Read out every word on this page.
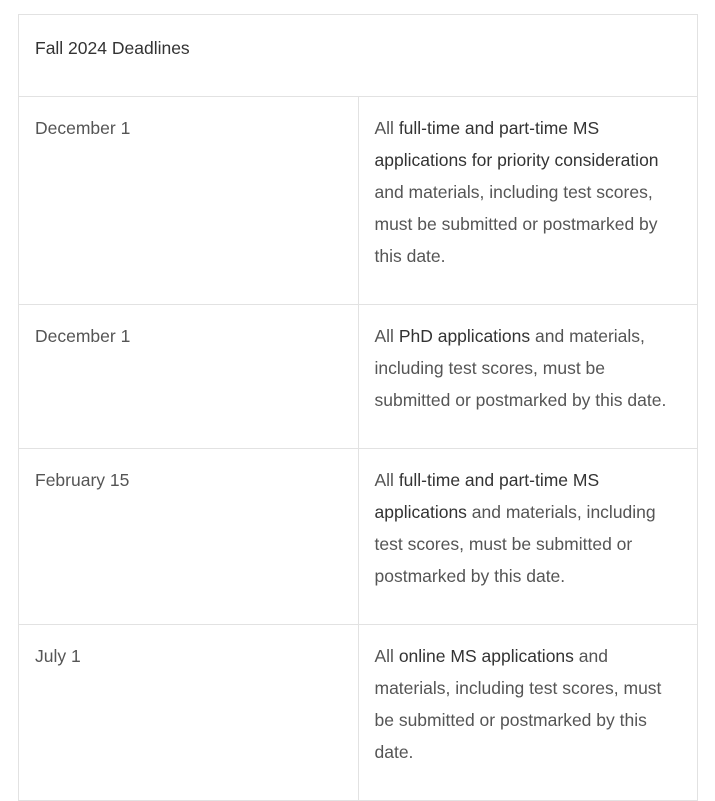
Fall 2024 Deadlines	
December 1	All full-time and part-time MS applications for priority consideration and materials, including test scores, must be submitted or postmarked by this date.
December 1	All PhD applications and materials, including test scores, must be submitted or postmarked by this date.
February 15	All full-time and part-time MS applications and materials, including test scores, must be submitted or postmarked by this date.
July 1	All online MS applications and materials, including test scores, must be submitted or postmarked by this date.
